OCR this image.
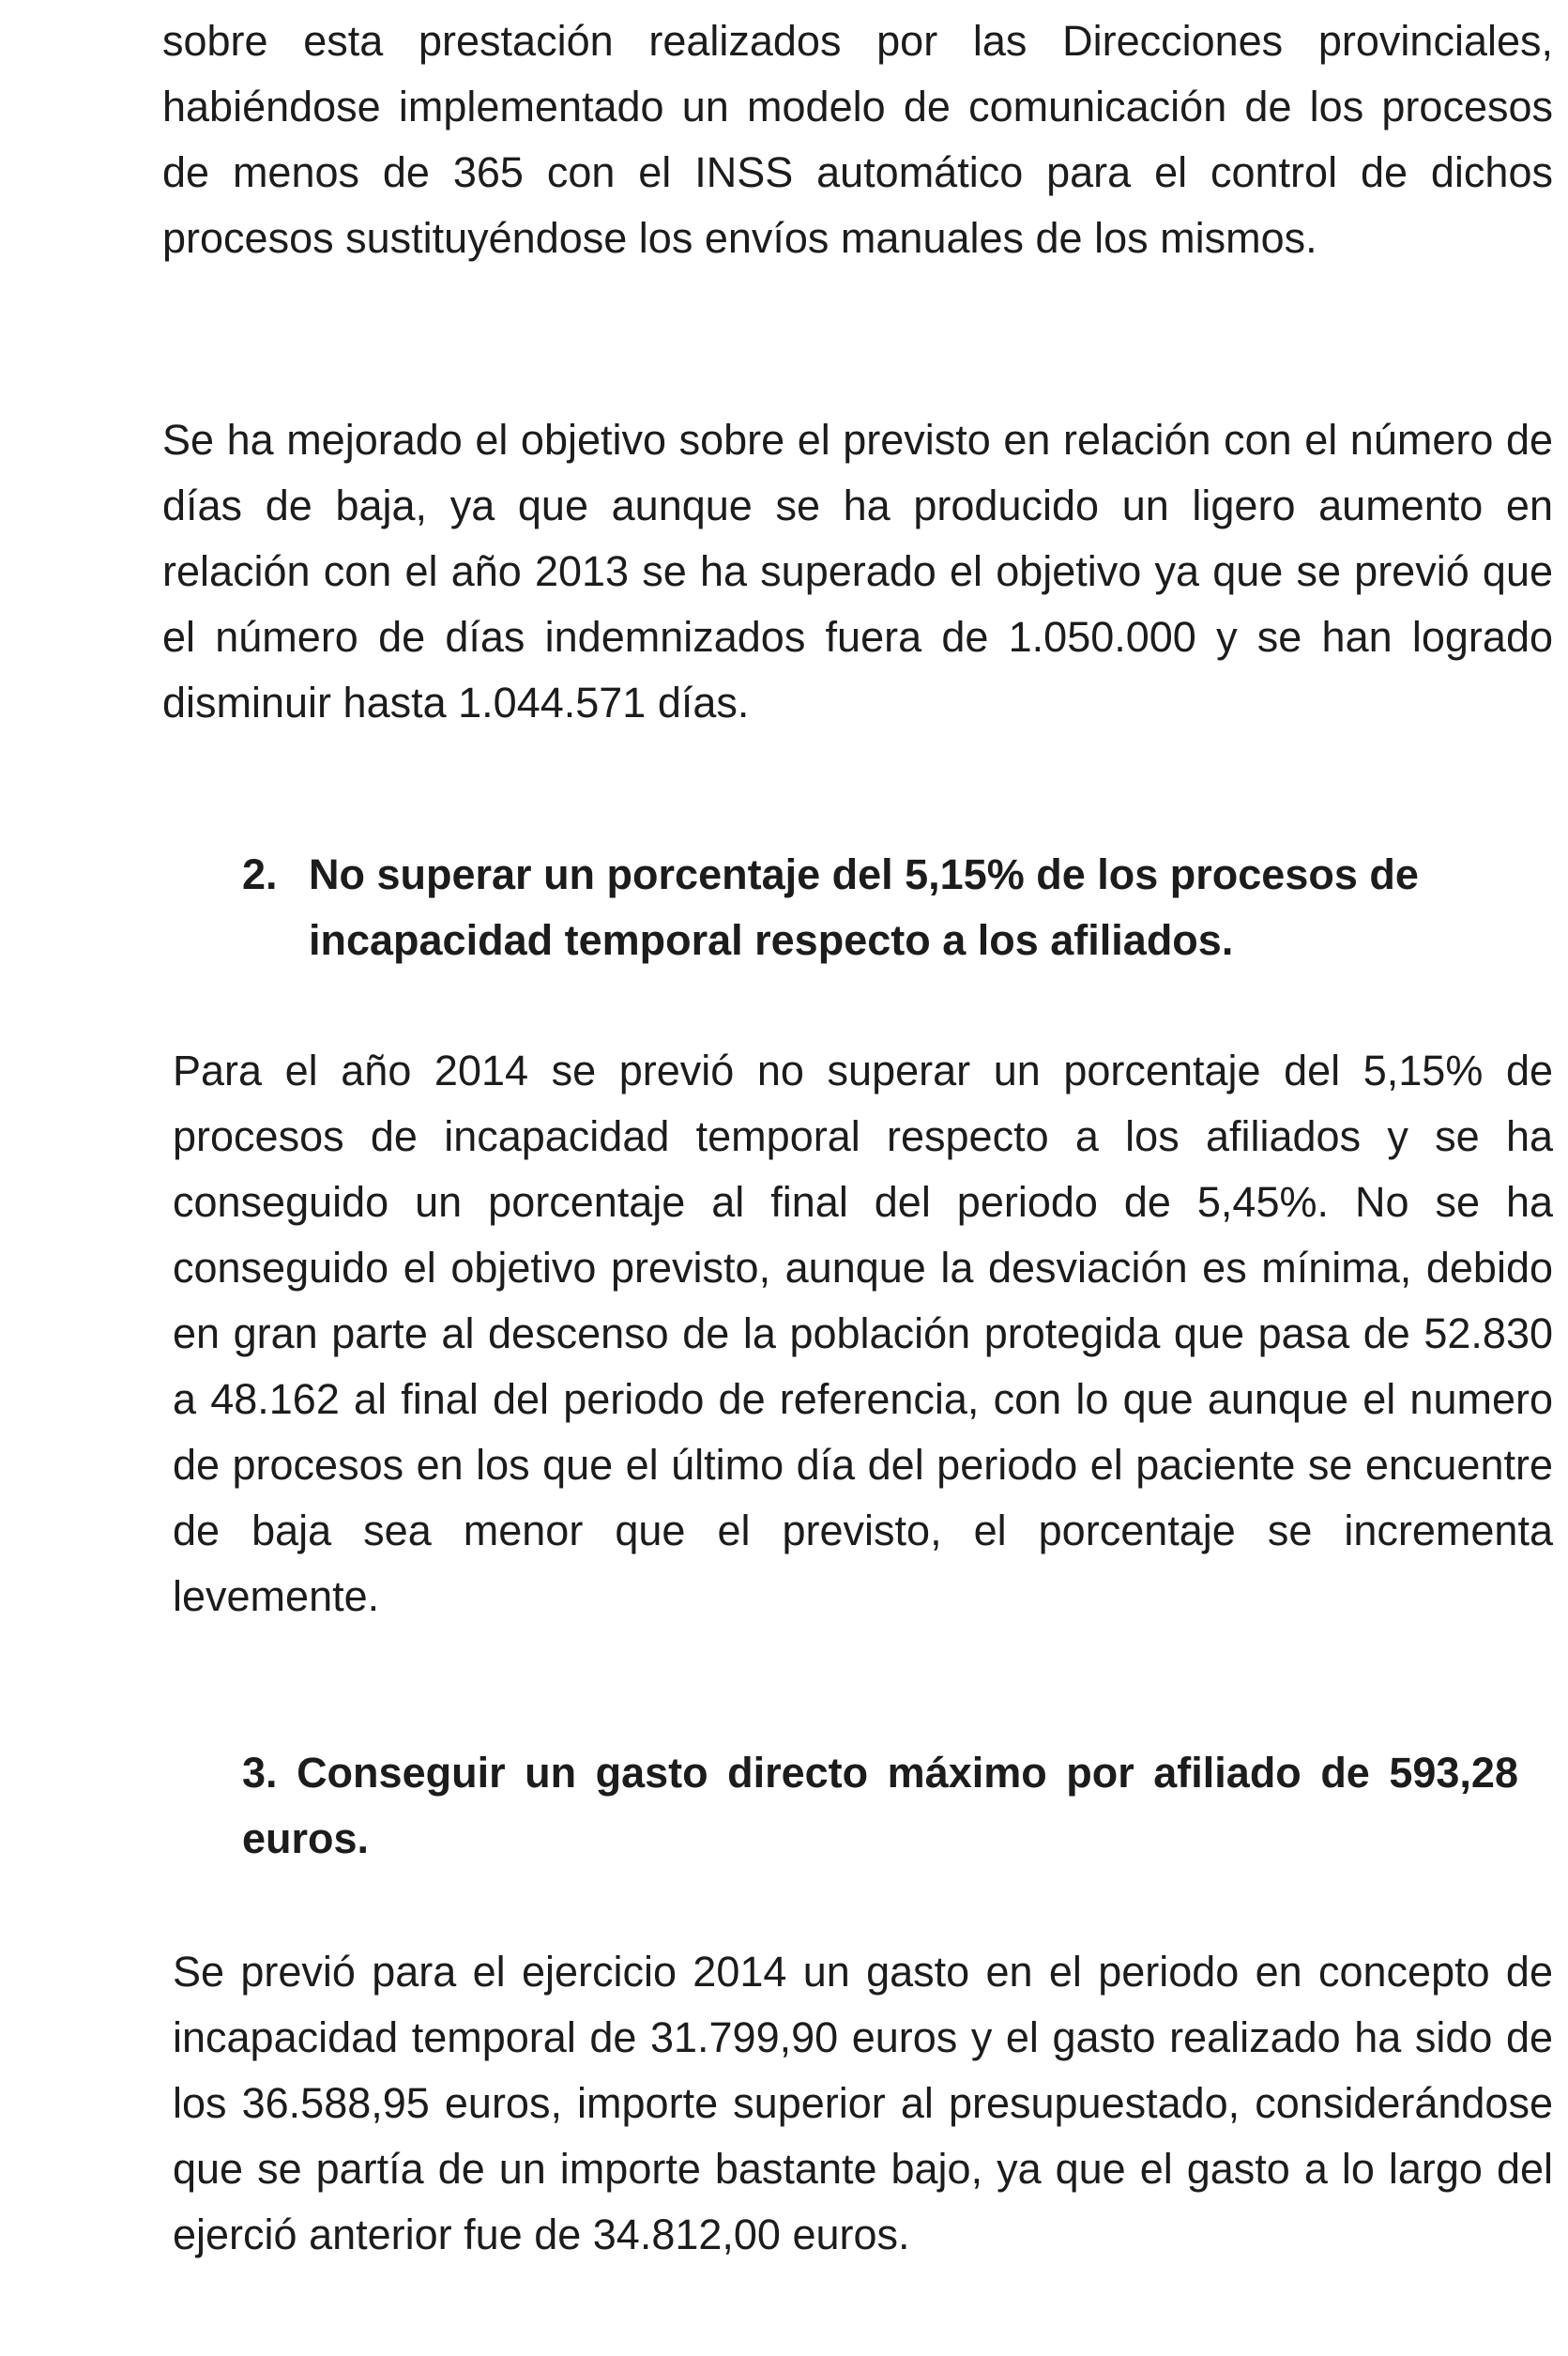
sobre esta prestación realizados por las Direcciones provinciales, habiéndose implementado un modelo de comunicación de los procesos de menos de 365 con el INSS automático para el control de dichos procesos sustituyéndose los envíos manuales de los mismos.

Se ha mejorado el objetivo sobre el previsto en relación con el número de días de baja, ya que aunque se ha producido un ligero aumento en relación con el año 2013 se ha superado el objetivo ya que se previó que el número de días indemnizados fuera de 1.050.000 y se han logrado disminuir hasta 1.044.571 días.

2. No superar un porcentaje del 5,15% de los procesos de incapacidad temporal respecto a los afiliados.

Para el año 2014 se previó no superar un porcentaje del 5,15% de procesos de incapacidad temporal respecto a los afiliados y se ha conseguido un porcentaje al final del periodo de 5,45%. No se ha conseguido el objetivo previsto, aunque la desviación es mínima, debido en gran parte al descenso de la población protegida que pasa de 52.830 a 48.162 al final del periodo de referencia, con lo que aunque el numero de procesos en los que el último día del periodo el paciente se encuentre de baja sea menor que el previsto, el porcentaje se incrementa levemente.

3. Conseguir un gasto directo máximo por afiliado de 593,28 euros.

Se previó para el ejercicio 2014 un gasto en el periodo en concepto de incapacidad temporal de 31.799,90 euros y el gasto realizado ha sido de los 36.588,95 euros, importe superior al presupuestado, considerándose que se partía de un importe bastante bajo, ya que el gasto a lo largo del ejerció anterior fue de 34.812,00 euros.
